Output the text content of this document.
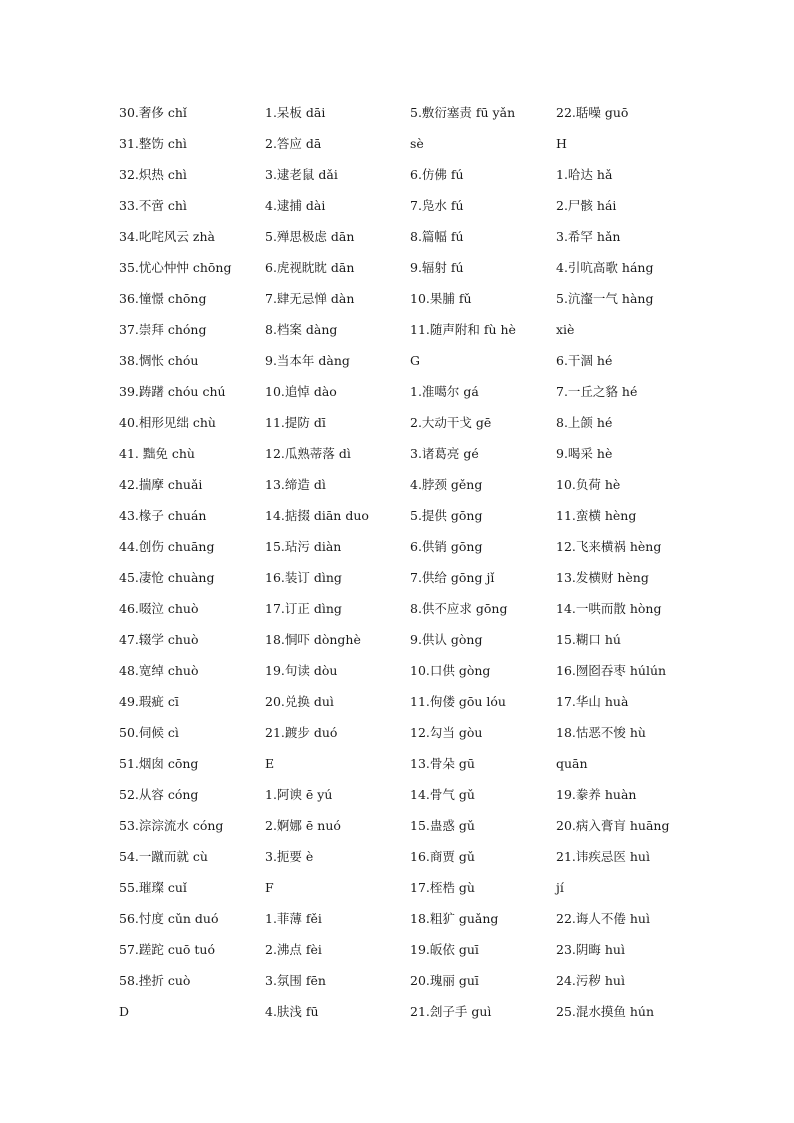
30.奢侈 chǐ
31.整饬 chì
32.炽热 chì
33.不啻 chì
34.叱咤风云 zhà
35.忧心忡忡 chōng
36.憧憬 chōng
37.崇拜 chóng
38.惆怅 chóu
39.踌躇 chóu chú
40.相形见绌 chù
41. 黜免 chù
42.揣摩 chuǎi
43.椽子 chuán
44.创伤 chuāng
45.凄怆 chuàng
46.啜泣 chuò
47.辍学 chuò
48.宽绰 chuò
49.瑕疵 cī
50.伺候 cì
51.烟囱 cōng
52.从容 cóng
53.淙淙流水 cóng
54.一蹴而就 cù
55.璀璨 cuǐ
56.忖度 cǔn duó
57.蹉跎 cuō tuó
58.挫折 cuò
D
1.呆板 dāi
2.答应 dā
3.逮老鼠 dǎi
4.逮捕 dài
5.殚思极虑 dān
6.虎视眈眈 dān
7.肆无忌惮 dàn
8.档案 dàng
9.当本年 dàng
10.追悼 dào
11.提防 dī
12.瓜熟蒂落 dì
13.缔造 dì
14.掂掇 diān duo
15.玷污 diàn
16.装订 dìng
17.订正 dìng
18.恫吓 dònghè
19.句读 dòu
20.兑换 duì
21.踱步 duó
E
1.阿谀 ē yú
2.婀娜 ē nuó
3.扼要 è
F
1.菲薄 fěi
2.沸点 fèi
3.氛围 fēn
4.肤浅 fū
5.敷衍塞责 fū yǎn
sè
6.仿佛 fú
7.凫水 fú
8.篇幅 fú
9.辐射 fú
10.果脯 fǔ
11.随声附和 fù hè
G
1.准噶尔 gá
2.大动干戈 gē
3.诸葛亮 gé
4.脖颈 gěng
5.提供 gōng
6.供销 gōng
7.供给 gōng jǐ
8.供不应求 gōng
9.供认 gòng
10.口供 gòng
11.佝偻 gōu lóu
12.勾当 gòu
13.骨朵 gū
14.骨气 gǔ
15.蛊惑 gǔ
16.商贾 gǔ
17.桎梏 gù
18.粗犷 guǎng
19.皈依 guī
20.瑰丽 guī
21.刽子手 guì
22.聒噪 guō
H
1.哈达 hǎ
2.尸骸 hái
3.希罕 hǎn
4.引吭高歌 háng
5.沆瀣一气 hàng
xiè
6.干涸 hé
7.一丘之貉 hé
8.上颌 hé
9.喝采 hè
10.负荷 hè
11.蛮横 hèng
12.飞来横祸 hèng
13.发横财 hèng
14.一哄而散 hòng
15.糊口 hú
16.囫囵吞枣 húlún
17.华山 huà
18.怙恶不悛 hù
quān
19.豢养 huàn
20.病入膏肓 huāng
21.讳疾忌医 huì
jí
22.诲人不倦 huì
23.阴晦 huì
24.污秽 huì
25.混水摸鱼 hún
